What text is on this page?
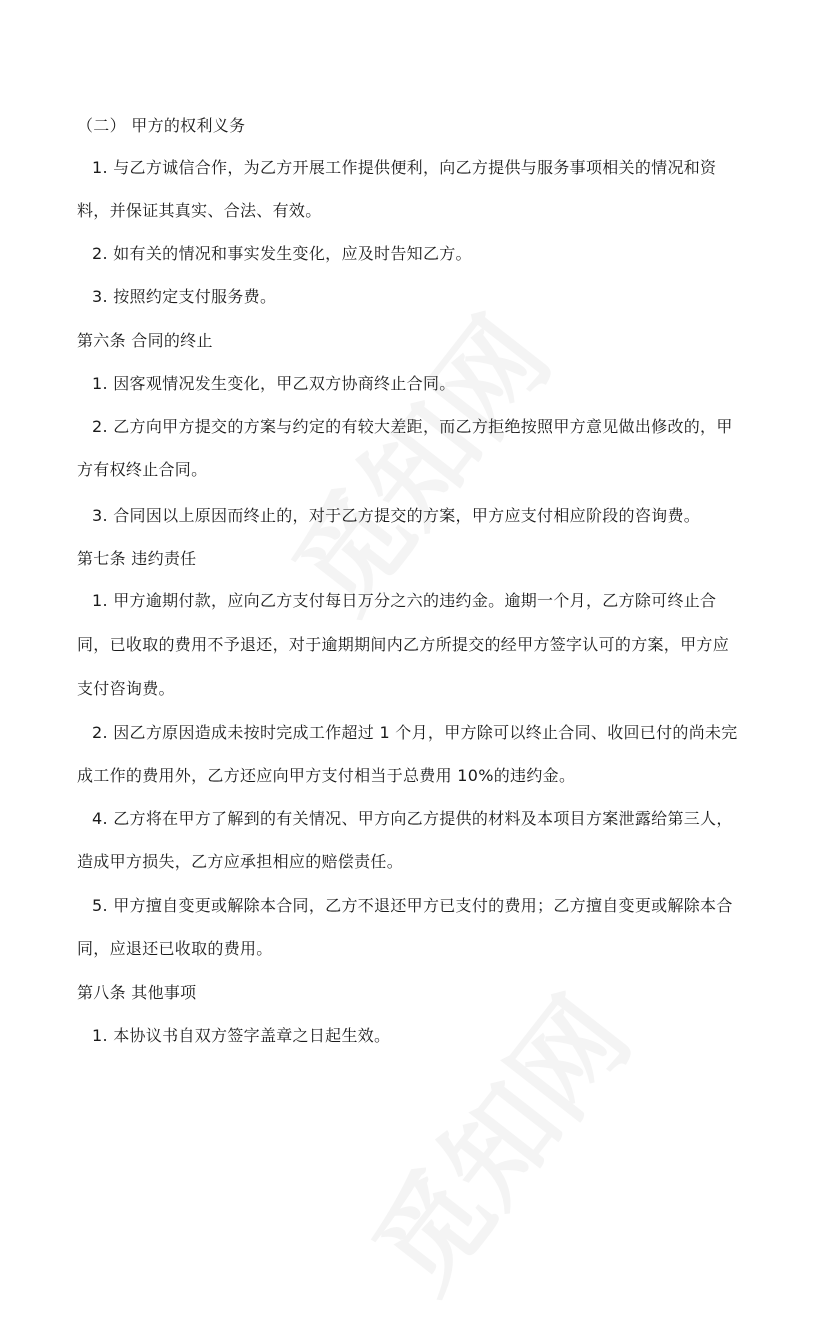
（二） 甲方的权利义务
1. 与乙方诚信合作，为乙方开展工作提供便利，向乙方提供与服务事项相关的情况和资
料，并保证其真实、合法、有效。
2. 如有关的情况和事实发生变化，应及时告知乙方。
3. 按照约定支付服务费。
第六条 合同的终止
1. 因客观情况发生变化，甲乙双方协商终止合同。
2. 乙方向甲方提交的方案与约定的有较大差距，而乙方拒绝按照甲方意见做出修改的，甲
方有权终止合同。
3. 合同因以上原因而终止的，对于乙方提交的方案，甲方应支付相应阶段的咨询费。
第七条 违约责任
1. 甲方逾期付款，应向乙方支付每日万分之六的违约金。逾期一个月，乙方除可终止合
同，已收取的费用不予退还，对于逾期期间内乙方所提交的经甲方签字认可的方案，甲方应
支付咨询费。
2. 因乙方原因造成未按时完成工作超过 1 个月，甲方除可以终止合同、收回已付的尚未完
成工作的费用外，乙方还应向甲方支付相当于总费用 10%的违约金。
4. 乙方将在甲方了解到的有关情况、甲方向乙方提供的材料及本项目方案泄露给第三人，
造成甲方损失，乙方应承担相应的赔偿责任。
5. 甲方擅自变更或解除本合同，乙方不退还甲方已支付的费用；乙方擅自变更或解除本合
同，应退还已收取的费用。
第八条 其他事项
1. 本协议书自双方签字盖章之日起生效。
